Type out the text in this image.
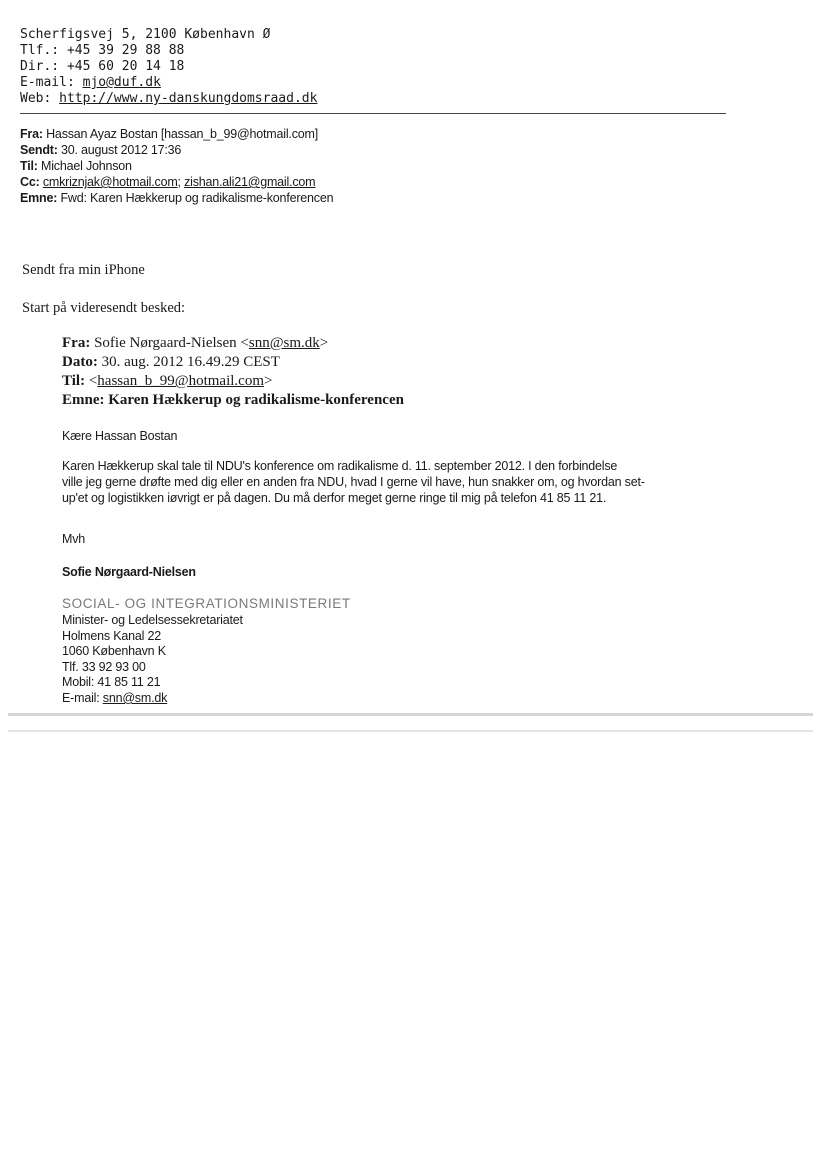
Scherfigsvej 5, 2100 København Ø
Tlf.: +45 39 29 88 88
Dir.: +45 60 20 14 18
E-mail: mjo@duf.dk
Web: http://www.ny-danskungdomsraad.dk
Fra: Hassan Ayaz Bostan [hassan_b_99@hotmail.com]
Sendt: 30. august 2012 17:36
Til: Michael Johnson
Cc: cmkriznjak@hotmail.com; zishan.ali21@gmail.com
Emne: Fwd: Karen Hækkerup og radikalisme-konferencen
Sendt fra min iPhone
Start på videresendt besked:
Fra: Sofie Nørgaard-Nielsen <snn@sm.dk>
Dato: 30. aug. 2012 16.49.29 CEST
Til: <hassan_b_99@hotmail.com>
Emne: Karen Hækkerup og radikalisme-konferencen
Kære Hassan Bostan
Karen Hækkerup skal tale til NDU's konference om radikalisme d. 11. september 2012. I den forbindelse
ville jeg gerne drøfte med dig eller en anden fra NDU, hvad I gerne vil have, hun snakker om, og hvordan set-
up'et og logistikken iøvrigt er på dagen. Du må derfor meget gerne ringe til mig på telefon 41 85 11 21.
Mvh
Sofie Nørgaard-Nielsen
SOCIAL- OG INTEGRATIONSMINISTERIET
Minister- og Ledelsessekretariatet
Holmens Kanal 22
1060 København K
Tlf. 33 92 93 00
Mobil: 41 85 11 21
E-mail: snn@sm.dk
